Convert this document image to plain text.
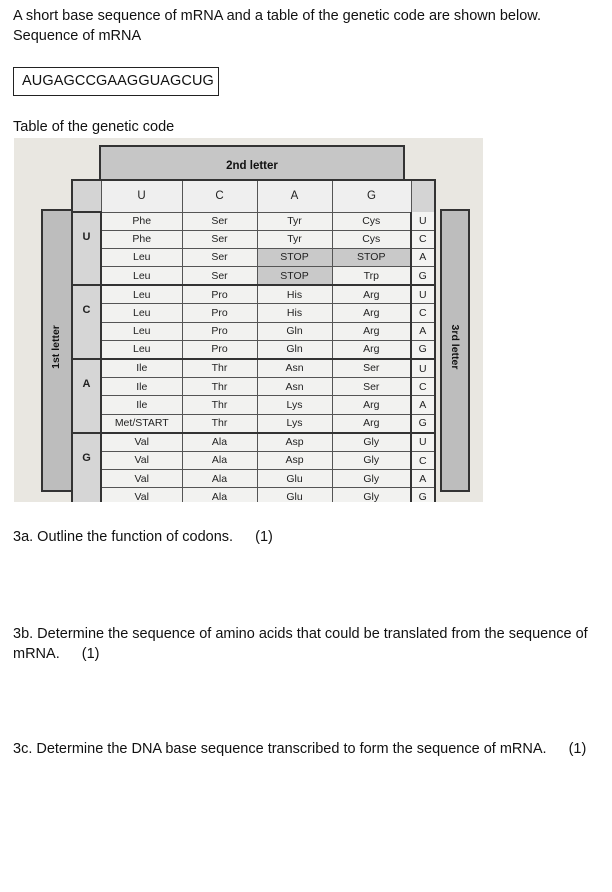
A short base sequence of mRNA and a table of the genetic code are shown below.
Sequence of mRNA
AUGAGCCGAAGGUAGCUG
Table of the genetic code
2nd letter
1st letter	3rd letter
	U	C	A	G	
U	Phe	Ser	Tyr	Cys	U
	Phe	Ser	Tyr	Cys	C
	Leu	Ser	STOP	STOP	A
	Leu	Ser	STOP	Trp	G
C	Leu	Pro	His	Arg	U
	Leu	Pro	His	Arg	C
	Leu	Pro	Gln	Arg	A
	Leu	Pro	Gln	Arg	G
A	Ile	Thr	Asn	Ser	U
	Ile	Thr	Asn	Ser	C
	Ile	Thr	Lys	Arg	A
	Met/START	Thr	Lys	Arg	G
G	Val	Ala	Asp	Gly	U
	Val	Ala	Asp	Gly	C
	Val	Ala	Glu	Gly	A
	Val	Ala	Glu	Gly	G
3a. Outline the function of codons. (1)
3b. Determine the sequence of amino acids that could be translated from the sequence of mRNA. (1)
3c. Determine the DNA base sequence transcribed to form the sequence of mRNA. (1)
